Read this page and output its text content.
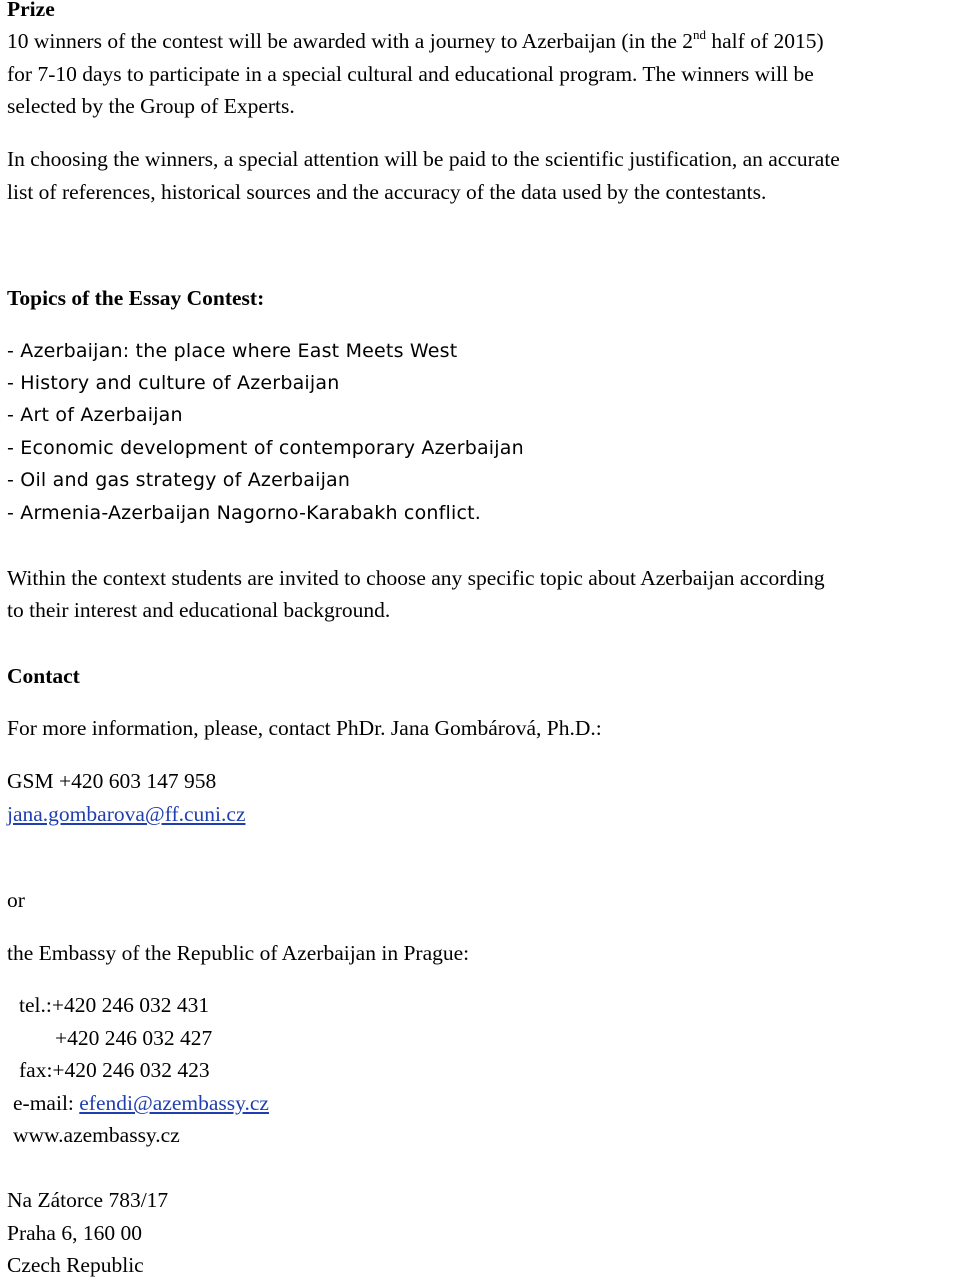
Prize
10 winners of the contest will be awarded with a journey to Azerbaijan (in the 2nd half of 2015)
for 7-10 days to participate in a special cultural and educational program. The winners will be
selected by the Group of Experts.
In choosing the winners, a special attention will be paid to the scientific justification, an accurate
list of references, historical sources and the accuracy of the data used by the contestants.
Topics of the Essay Contest:
- Azerbaijan: the place where East Meets West
- History and culture of Azerbaijan
- Art of Azerbaijan
- Economic development of contemporary Azerbaijan
- Oil and gas strategy of Azerbaijan
- Armenia-Azerbaijan Nagorno-Karabakh conflict.
Within the context students are invited to choose any specific topic about Azerbaijan according
to their interest and educational background.
Contact
For more information, please, contact PhDr. Jana Gombárová, Ph.D.:
GSM +420 603 147 958
jana.gombarova@ff.cuni.cz
or
the Embassy of the Republic of Azerbaijan in Prague:
tel.:+420 246 032 431
+420 246 032 427
fax:+420 246 032 423
e-mail: efendi@azembassy.cz
www.azembassy.cz
Na Zátorce 783/17
Praha 6, 160 00
Czech Republic
